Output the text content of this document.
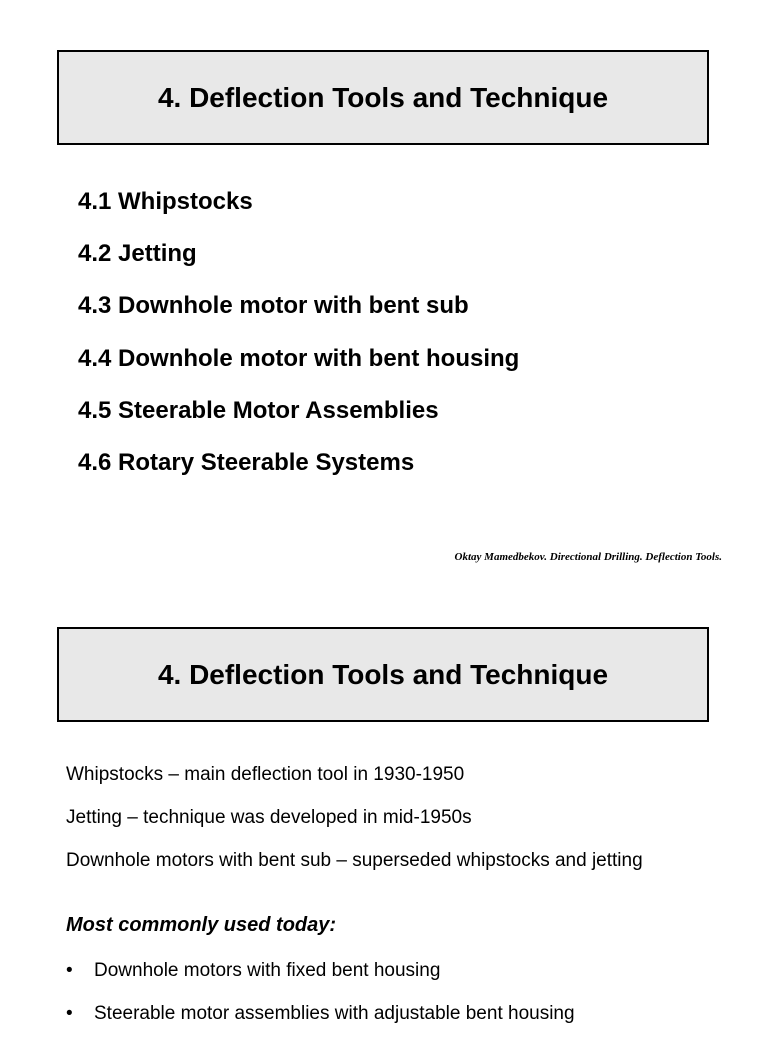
4. Deflection Tools and Technique
4.1 Whipstocks
4.2 Jetting
4.3 Downhole motor with bent sub
4.4 Downhole motor with bent housing
4.5 Steerable Motor Assemblies
4.6 Rotary Steerable Systems
Oktay Mamedbekov. Directional Drilling. Deflection Tools.
4. Deflection Tools and Technique
Whipstocks – main deflection tool in 1930-1950
Jetting – technique was developed in mid-1950s
Downhole motors with bent sub – superseded whipstocks and jetting
Most commonly used today:
•	Downhole motors with fixed bent housing
•	Steerable motor assemblies with adjustable bent housing
